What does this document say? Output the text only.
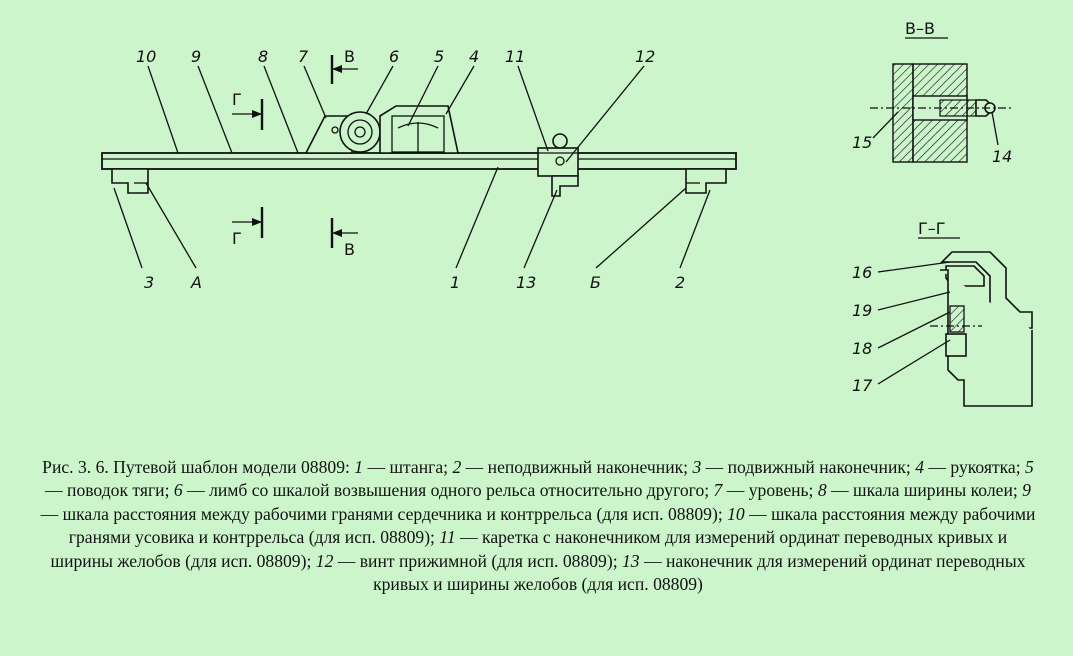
Г
Г
В
В
10 9	8 7	6 5 4 11	12
3 А	1	13	Б	2
В–В
15
14
Г–Г
16
19
18
17
Рис. 3. 6. Путевой шаблон модели 08809: 1 — штанга; 2 — неподвижный наконечник; 3 — подвижный наконечник; 4 — рукоятка; 5 — поводок тяги; 6 — лимб со шкалой возвышения одного рельса относительно другого; 7 — уровень; 8 — шкала ширины колеи; 9 — шкала расстояния между рабочими гранями сердечника и контррельса (для исп. 08809); 10 — шкала расстояния между рабочими гранями усовика и контррельса (для исп. 08809); 11 — каретка с наконечником для измерений ординат переводных кривых и ширины желобов (для исп. 08809); 12 — винт прижимной (для исп. 08809); 13 — наконечник для измерений ординат переводных кривых и ширины желобов (для исп. 08809)
